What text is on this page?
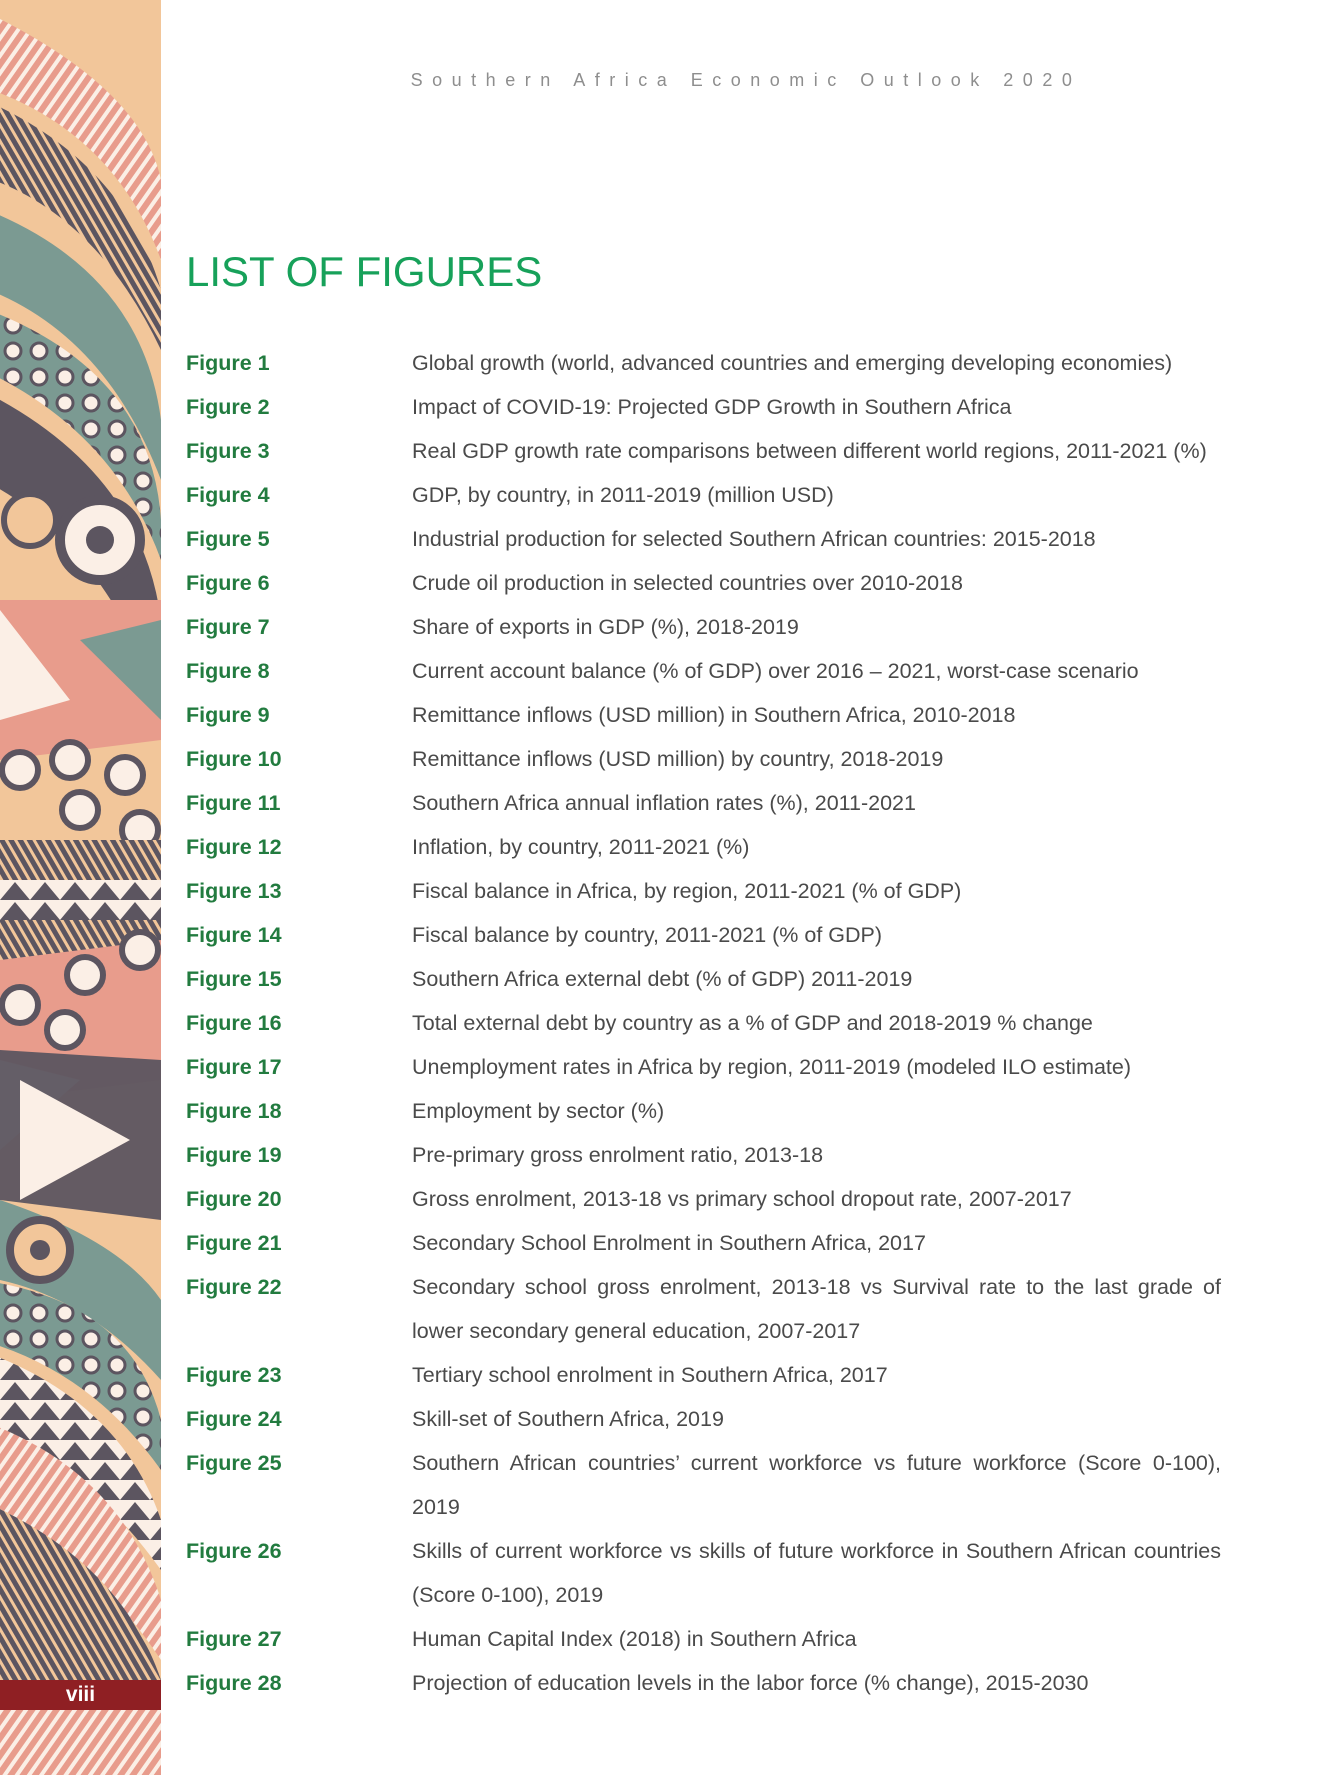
viii
Southern Africa Economic Outlook 2020
LIST OF FIGURES
Figure 1	Global growth (world, advanced countries and emerging developing economies)
Figure 2	Impact of COVID-19: Projected GDP Growth in Southern Africa
Figure 3	Real GDP growth rate comparisons between different world regions, 2011-2021 (%)
Figure 4	GDP, by country, in 2011-2019 (million USD)
Figure 5	Industrial production for selected Southern African countries: 2015-2018
Figure 6	Crude oil production in selected countries over 2010-2018
Figure 7	Share of exports in GDP (%), 2018-2019
Figure 8	Current account balance (% of GDP) over 2016 – 2021, worst-case scenario
Figure 9	Remittance inflows (USD million) in Southern Africa, 2010-2018
Figure 10	Remittance inflows (USD million) by country, 2018-2019
Figure 11	Southern Africa annual inflation rates (%), 2011-2021
Figure 12	Inflation, by country, 2011-2021 (%)
Figure 13	Fiscal balance in Africa, by region, 2011-2021 (% of GDP)
Figure 14	Fiscal balance by country, 2011-2021 (% of GDP)
Figure 15	Southern Africa external debt (% of GDP) 2011-2019
Figure 16	Total external debt by country as a % of GDP and 2018-2019 % change
Figure 17	Unemployment rates in Africa by region, 2011-2019 (modeled ILO estimate)
Figure 18	Employment by sector (%)
Figure 19	Pre-primary gross enrolment ratio, 2013-18
Figure 20	Gross enrolment, 2013-18 vs primary school dropout rate, 2007-2017
Figure 21	Secondary School Enrolment in Southern Africa, 2017
Figure 22	Secondary school gross enrolment, 2013-18 vs Survival rate to the last grade of lower secondary general education, 2007-2017
Figure 23	Tertiary school enrolment in Southern Africa, 2017
Figure 24	Skill-set of Southern Africa, 2019
Figure 25	Southern African countries’ current workforce vs future workforce (Score 0-100), 2019
Figure 26	Skills of current workforce vs skills of future workforce in Southern African countries (Score 0-100), 2019
Figure 27	Human Capital Index (2018) in Southern Africa
Figure 28	Projection of education levels in the labor force (% change), 2015-2030
